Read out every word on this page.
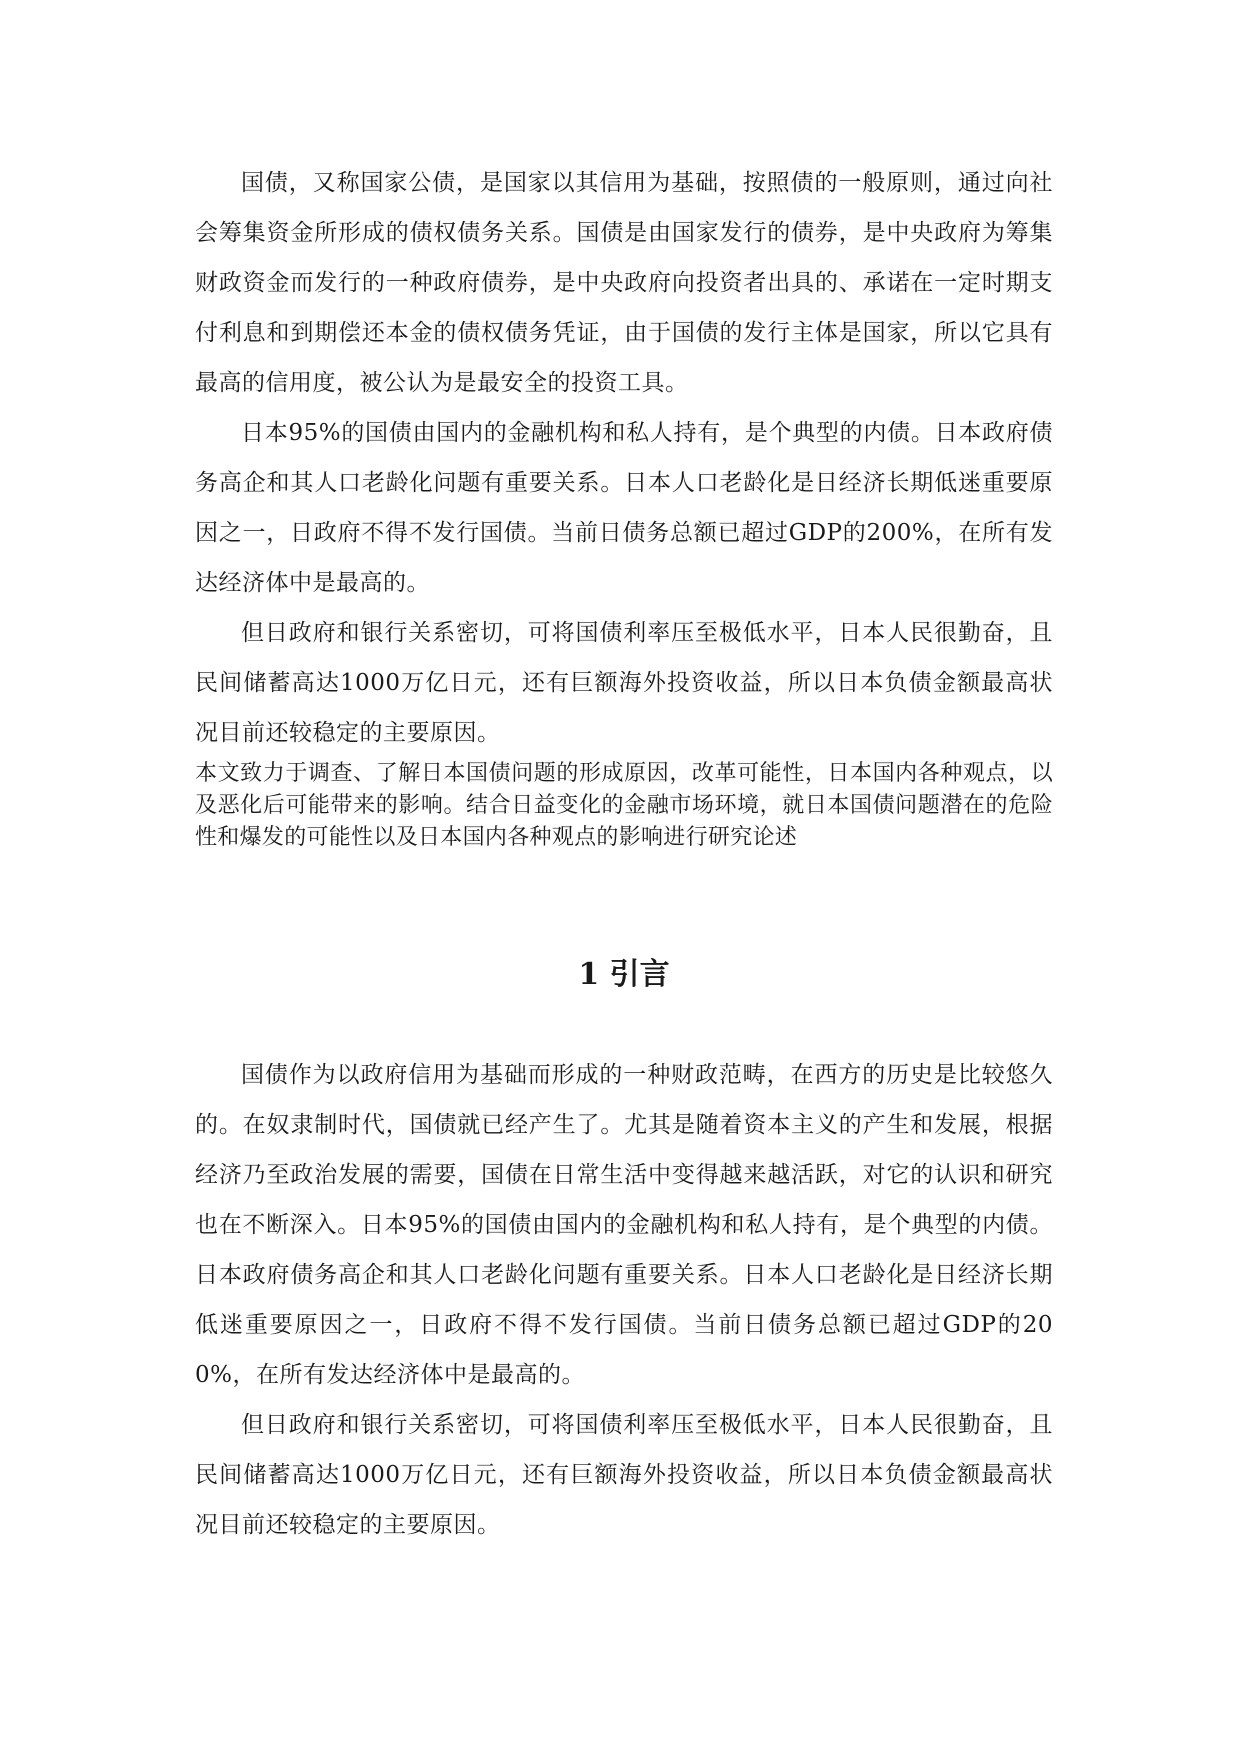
国债，又称国家公债，是国家以其信用为基础，按照债的一般原则，通过向社会筹集资金所形成的债权债务关系。国债是由国家发行的债券，是中央政府为筹集财政资金而发行的一种政府债券，是中央政府向投资者出具的、承诺在一定时期支付利息和到期偿还本金的债权债务凭证，由于国债的发行主体是国家，所以它具有最高的信用度，被公认为是最安全的投资工具。

日本95%的国债由国内的金融机构和私人持有，是个典型的内债。日本政府债务高企和其人口老龄化问题有重要关系。日本人口老龄化是日经济长期低迷重要原因之一，日政府不得不发行国债。当前日债务总额已超过GDP的200%，在所有发达经济体中是最高的。

但日政府和银行关系密切，可将国债利率压至极低水平，日本人民很勤奋，且民间储蓄高达1000万亿日元，还有巨额海外投资收益，所以日本负债金额最高状况目前还较稳定的主要原因。

本文致力于调查、了解日本国债问题的形成原因，改革可能性，日本国内各种观点，以及恶化后可能带来的影响。结合日益变化的金融市场环境，就日本国债问题潜在的危险性和爆发的可能性以及日本国内各种观点的影响进行研究论述

1 引言

国债作为以政府信用为基础而形成的一种财政范畴，在西方的历史是比较悠久的。在奴隶制时代，国债就已经产生了。尤其是随着资本主义的产生和发展，根据经济乃至政治发展的需要，国债在日常生活中变得越来越活跃，对它的认识和研究也在不断深入。日本95%的国债由国内的金融机构和私人持有，是个典型的内债。日本政府债务高企和其人口老龄化问题有重要关系。日本人口老龄化是日经济长期低迷重要原因之一，日政府不得不发行国债。当前日债务总额已超过GDP的200%，在所有发达经济体中是最高的。

但日政府和银行关系密切，可将国债利率压至极低水平，日本人民很勤奋，且民间储蓄高达1000万亿日元，还有巨额海外投资收益，所以日本负债金额最高状况目前还较稳定的主要原因。
